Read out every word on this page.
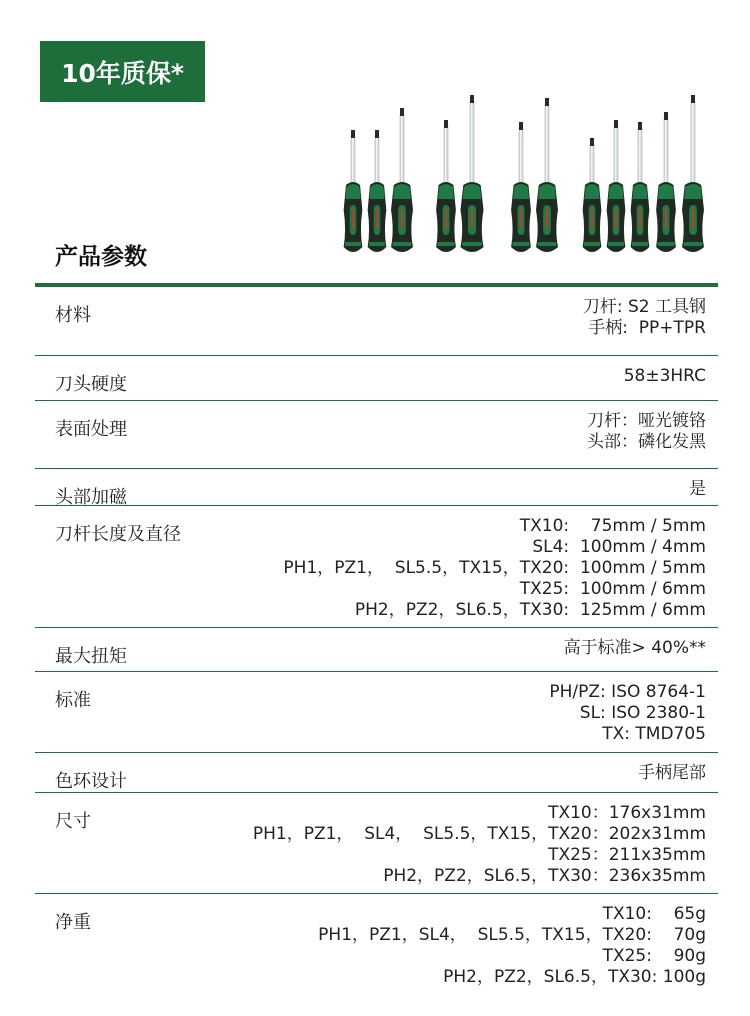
10年质保*
产品参数
材料	刀杆: S2 工具钢
手柄:  PP+TPR
刀头硬度	58±3HRC
表面处理	刀杆：哑光镀铬
头部：磷化发黑
头部加磁	是
刀杆长度及直径	TX10:    75mm / 5mm
SL4:  100mm / 4mm
PH1，PZ1，  SL5.5，TX15，TX20:  100mm / 5mm
TX25:  100mm / 6mm
PH2，PZ2，SL6.5，TX30:  125mm / 6mm
最大扭矩	高于标准> 40%**
标准	PH/PZ: ISO 8764-1
SL: ISO 2380-1
TX: TMD705
色环设计	手柄尾部
尺寸	TX10：176x31mm
PH1，PZ1，  SL4，  SL5.5，TX15，TX20：202x31mm
TX25：211x35mm
PH2，PZ2，SL6.5，TX30：236x35mm
净重	TX10:    65g
PH1，PZ1，SL4，  SL5.5，TX15，TX20:    70g
TX25:    90g
PH2，PZ2，SL6.5，TX30: 100g
